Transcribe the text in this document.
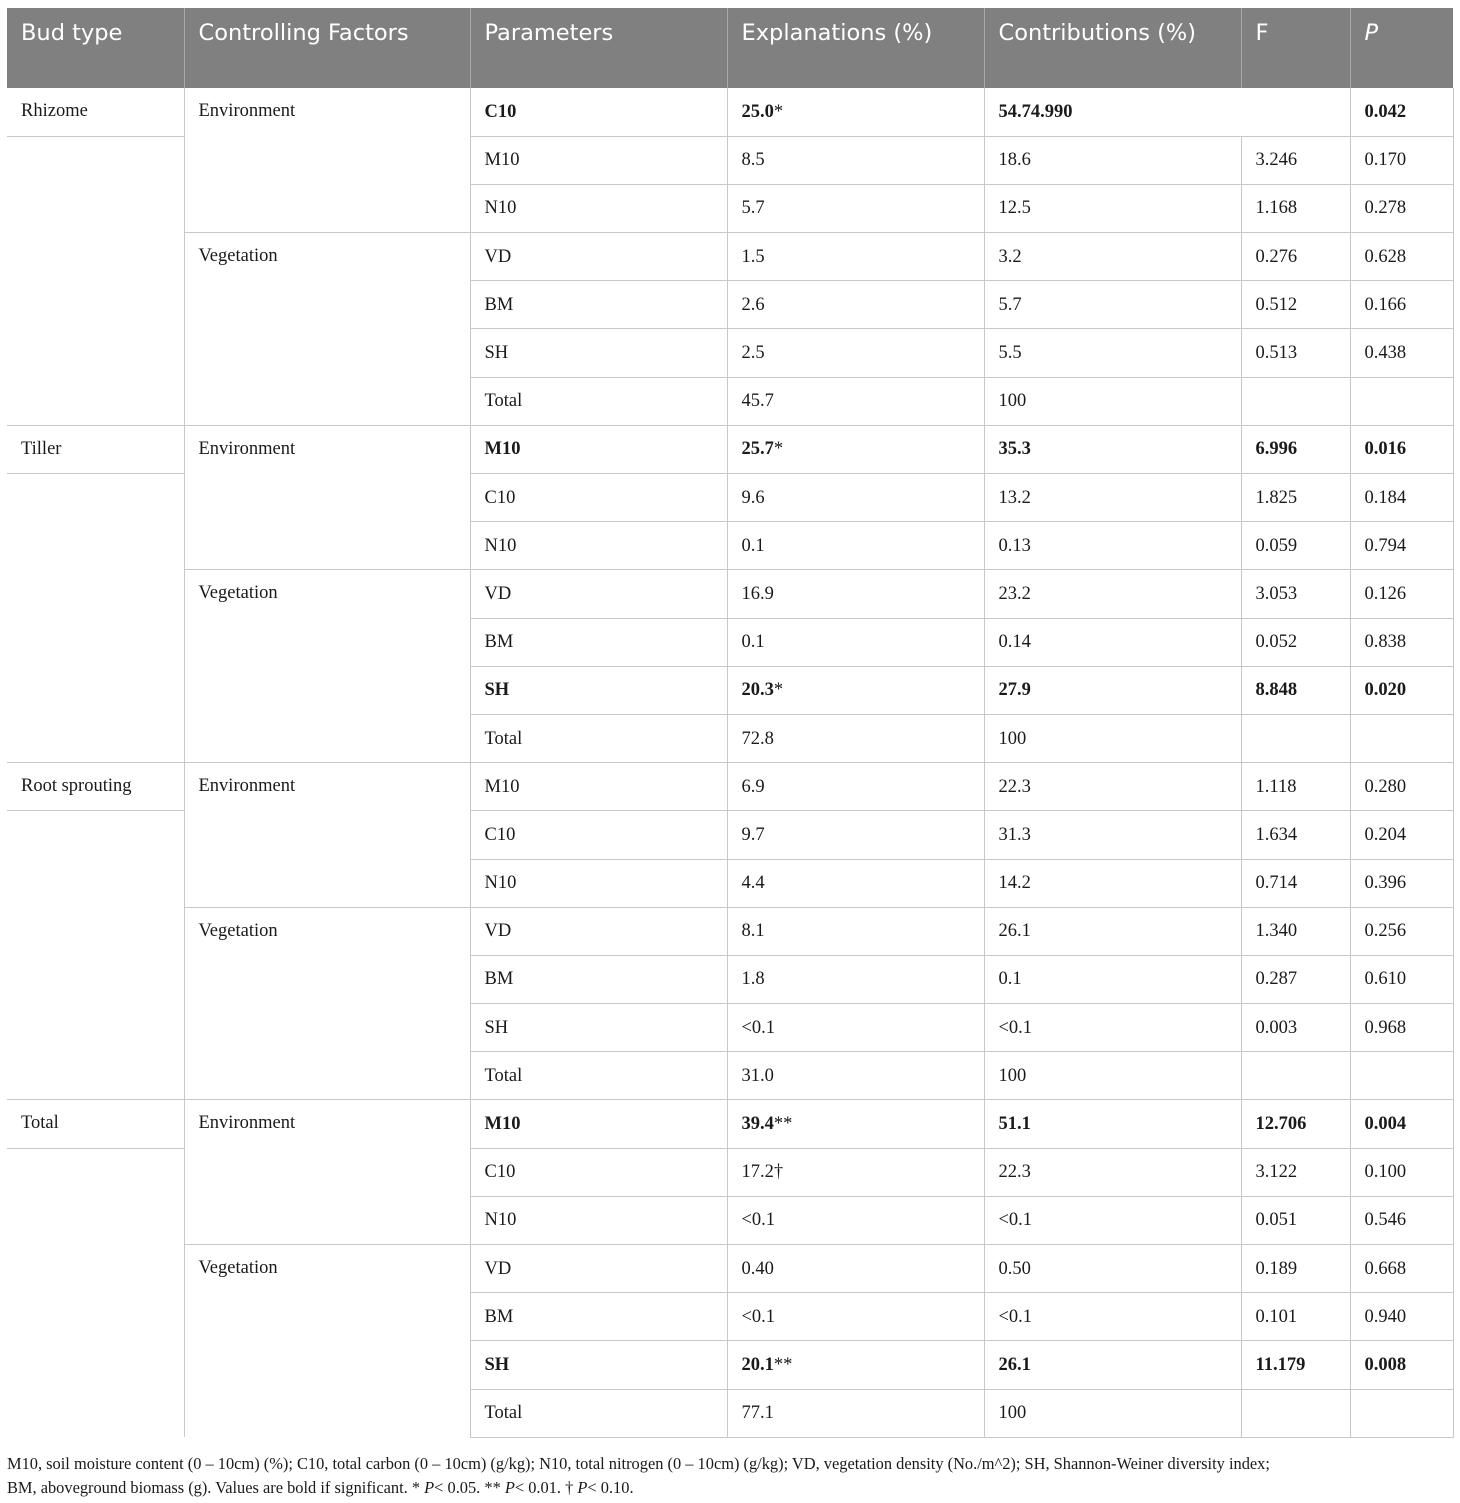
Bud type	Controlling Factors	Parameters	Explanations (%)	Contributions (%)	F	P
Rhizome	Environment	C10	25.0*	54.74.990		0.042
		M10	8.5	18.6	3.246	0.170
		N10	5.7	12.5	1.168	0.278
	Vegetation	VD	1.5	3.2	0.276	0.628
		BM	2.6	5.7	0.512	0.166
		SH	2.5	5.5	0.513	0.438
		Total	45.7	100		
Tiller	Environment	M10	25.7*	35.3	6.996	0.016
		C10	9.6	13.2	1.825	0.184
		N10	0.1	0.13	0.059	0.794
	Vegetation	VD	16.9	23.2	3.053	0.126
		BM	0.1	0.14	0.052	0.838
		SH	20.3*	27.9	8.848	0.020
		Total	72.8	100		
Root sprouting	Environment	M10	6.9	22.3	1.118	0.280
		C10	9.7	31.3	1.634	0.204
		N10	4.4	14.2	0.714	0.396
	Vegetation	VD	8.1	26.1	1.340	0.256
		BM	1.8	0.1	0.287	0.610
		SH	<0.1	<0.1	0.003	0.968
		Total	31.0	100		
Total	Environment	M10	39.4**	51.1	12.706	0.004
		C10	17.2†	22.3	3.122	0.100
		N10	<0.1	<0.1	0.051	0.546
	Vegetation	VD	0.40	0.50	0.189	0.668
		BM	<0.1	<0.1	0.101	0.940
		SH	20.1**	26.1	11.179	0.008
		Total	77.1	100		
M10, soil moisture content (0 – 10cm) (%); C10, total carbon (0 – 10cm) (g/kg); N10, total nitrogen (0 – 10cm) (g/kg); VD, vegetation density (No./m^2); SH, Shannon-Weiner diversity index;
BM, aboveground biomass (g). Values are bold if significant. * P< 0.05. ** P< 0.01. † P< 0.10.
